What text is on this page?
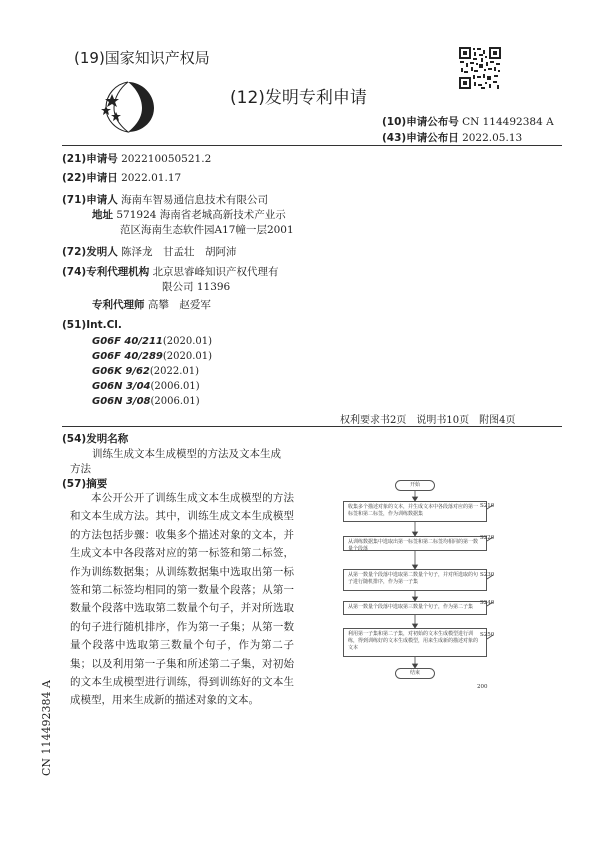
(19)国家知识产权局
(12)发明专利申请
(10)申请公布号 CN 114492384 A
(43)申请公布日 2022.05.13
(21)申请号 202210050521.2
(22)申请日 2022.01.17
(71)申请人 海南车智易通信息技术有限公司
地址 571924 海南省老城高新技术产业示
范区海南生态软件园A17幢一层2001
(72)发明人 陈泽龙　甘孟壮　胡阿沛
(74)专利代理机构 北京思睿峰知识产权代理有
限公司 11396
专利代理师 高攀　赵爱军
(51)Int.Cl.
G06F 40/211(2020.01)
G06F 40/289(2020.01)
G06K 9/62(2022.01)
G06N 3/04(2006.01)
G06N 3/08(2006.01)
权利要求书2页　说明书10页　附图4页
(54)发明名称
训练生成文本生成模型的方法及文本生成
方法
(57)摘要
本公开公开了训练生成文本生成模型的方法和文本生成方法。其中，训练生成文本生成模型的方法包括步骤：收集多个描述对象的文本，并生成文本中各段落对应的第一标签和第二标签，作为训练数据集；从训练数据集中选取出第一标签和第二标签均相同的第一数量个段落；从第一数量个段落中选取第二数量个句子，并对所选取的句子进行随机排序，作为第一子集；从第一数量个段落中选取第三数量个句子，作为第二子集；以及利用第一子集和所述第二子集，对初始的文本生成模型进行训练，得到训练好的文本生成模型，用来生成新的描述对象的文本。
CN 114492384 A
开始
收集多个描述对象的文本，并生成文本中各段落对应的第一标签和第二标签，作为训练数据集
S210
从训练数据集中选取出第一标签和第二标签均相同的第一数量个段落
S220
从第一数量个段落中选取第二数量个句子，并对所选取的句子进行随机排序，作为第一子集
S230
从第一数量个段落中选取第三数量个句子，作为第二子集
S240
利用第一子集和第二子集，对初始的文本生成模型进行训练，得到训练好的文本生成模型，用来生成新的描述对象的文本
S250
结束
200
